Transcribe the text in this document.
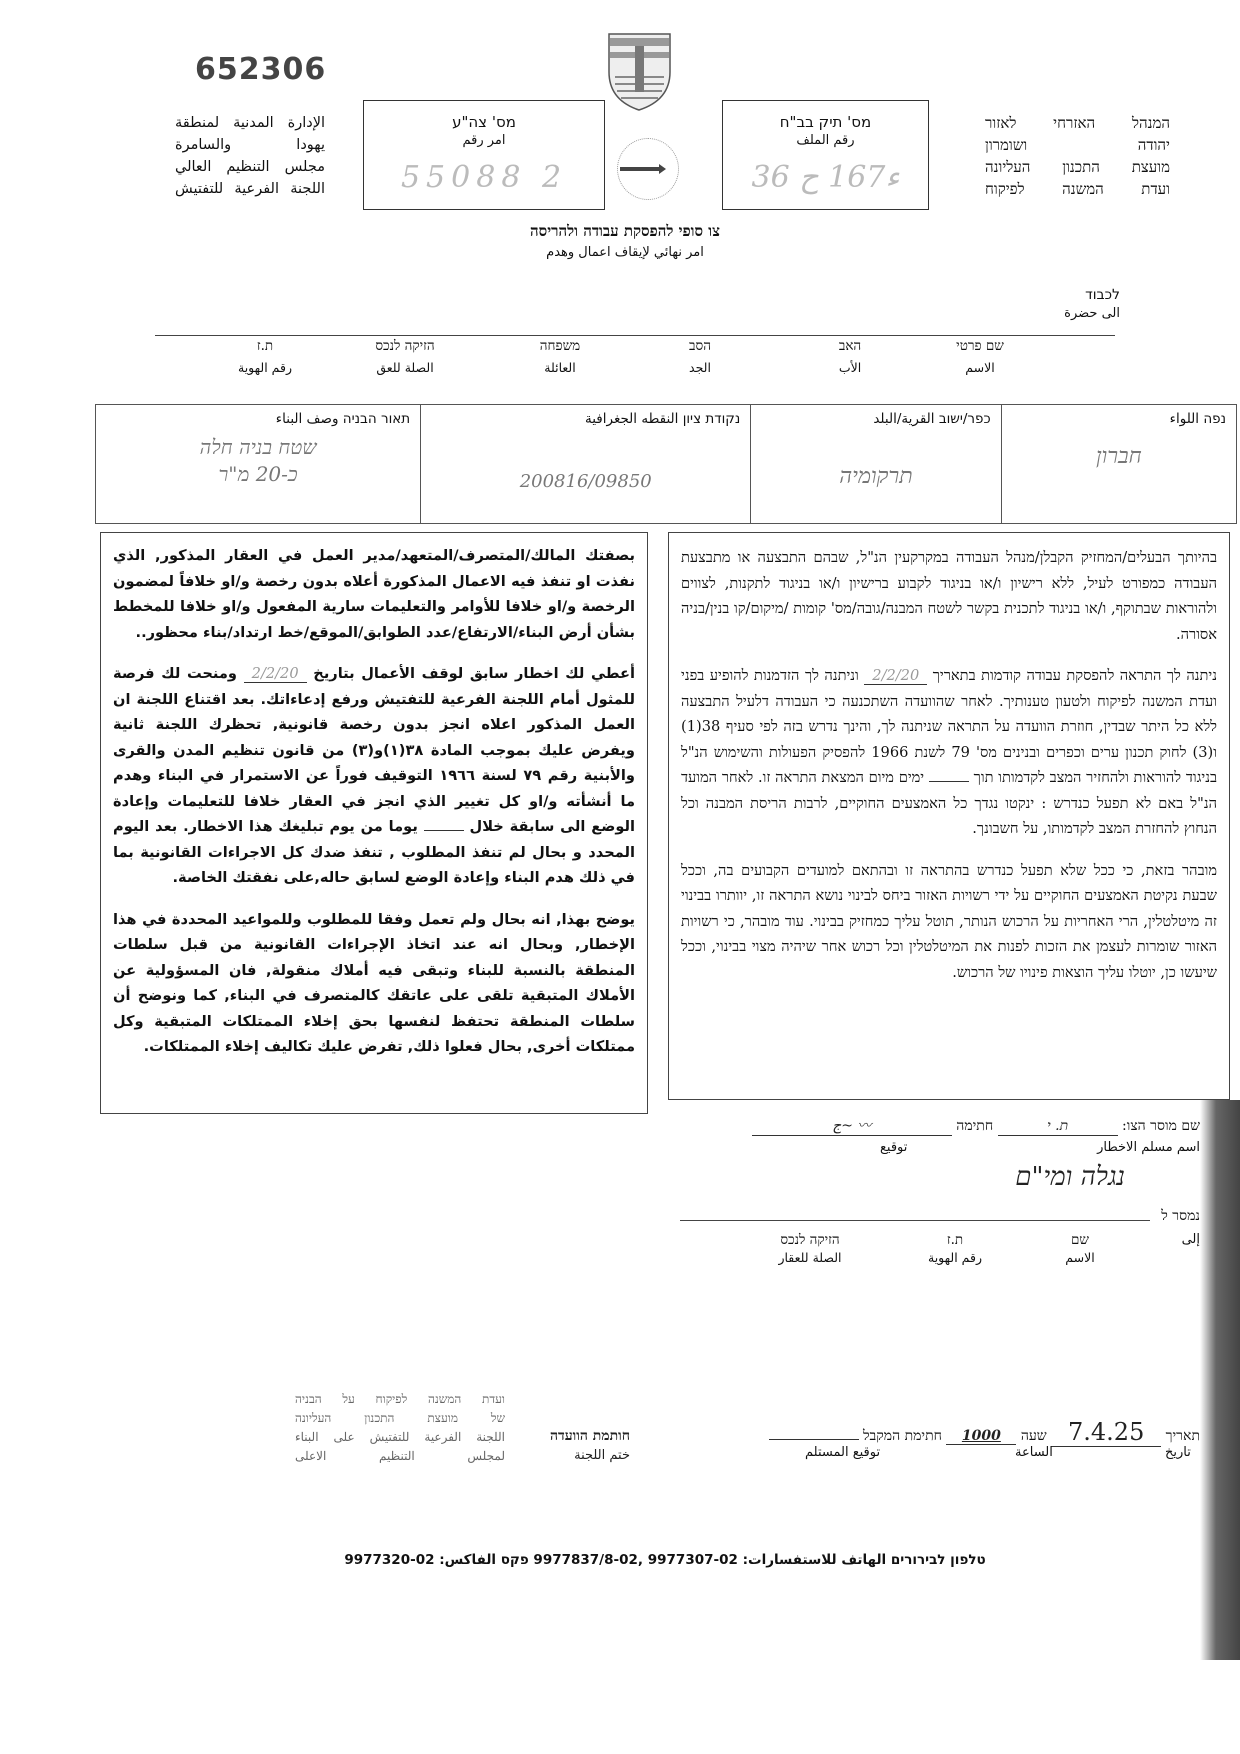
652306
الإدارة المدنية لمنطقة
يهودا والسامرة
مجلس التنظيم العالي
اللجنة الفرعية للتفتيش
מס' צה"ע
امر رقم
55088 2
מס' תיק בב"ח
رقم الملف
3ء167 ح 6
המנהל האזרחי לאזור
יהודה ושומרון
מועצת התכנון העליונה
ועדת המשנה לפיקוח
צו סופי להפסקת עבודה ולהריסה
امر نهائي لإيقاف اعمال وهدم
לכבוד
الى حضرة
שם פרטי
الاسم
האב
الأب
הסב
الجد
משפחה
العائلة
הזיקה לנכס
الصلة للعق
ת.ז
رقم الهوية
נפה اللواء
חברון
כפר/ישוב القرية/البلد
תרקומיה
נקודת ציון النقطه الجغرافية
200816/09850
תאור הבניה وصف البناء
שטח בניה חלה
כ-20 מ"ר

بصفتك المالك/المتصرف/المتعهد/مدير العمل في العقار المذكور, الذي نفذت او تنفذ فيه الاعمال المذكورة أعلاه بدون رخصة و/او خلافاً لمضمون الرخصة و/او خلافا للأوامر والتعليمات سارية المفعول و/او خلافا للمخطط بشأن أرض البناء/الارتفاع/عدد الطوابق/الموقع/خط ارتداد/بناء محظور..

أعطي لك اخطار سابق لوقف الأعمال بتاريخ 2/2/20 ومنحت لك فرصة للمثول أمام اللجنة الفرعية للتفتيش ورفع إدعاءاتك. بعد اقتناع اللجنة ان العمل المذكور اعلاه انجز بدون رخصة قانونية, تحظرك اللجنة ثانية ويفرض عليك بموجب المادة ٣٨(١)و(٣) من قانون تنظيم المدن والقرى والأبنية رقم ٧٩ لسنة ١٩٦٦ التوقيف فوراً عن الاستمرار في البناء وهدم ما أنشأته و/او كل تغيير الذي انجز في العقار خلافا للتعليمات وإعادة الوضع الى سابقة خلال  يوما من يوم تبليغك هذا الاخطار. بعد اليوم المحدد و بحال لم تنفذ المطلوب , تنفذ ضدك كل الاجراءات القانونية بما في ذلك هدم البناء وإعادة الوضع لسابق حاله,على نفقتك الخاصة.

يوضح بهذا, انه بحال ولم تعمل وفقا للمطلوب وللمواعيد المحددة في هذا الإخطار, وبحال انه عند اتخاذ الإجراءات القانونية من قبل سلطات المنطقة بالنسبة للبناء وتبقى فيه أملاك منقولة, فان المسؤولية عن الأملاك المتبقية تلقى على عاتقك كالمتصرف في البناء, كما ونوضح أن سلطات المنطقة تحتفظ لنفسها بحق إخلاء الممتلكات المتبقية وكل ممتلكات أخرى, بحال فعلوا ذلك, تفرض عليك تكاليف إخلاء الممتلكات.

בהיותך הבעלים/המחזיק הקבלן/מנהל העבודה במקרקעין הנ"ל, שבהם התבצעה או מתבצעת העבודה כמפורט לעיל, ללא רישיון ו/או בניגוד לקבוע ברישיון ו/או בניגוד לתקנות, לצווים ולהוראות שבתוקף, ו/או בניגוד לתכנית בקשר לשטח המבנה/גובה/מס' קומות /מיקום/קו בנין/בניה אסורה.

ניתנה לך התראה להפסקת עבודה קודמות בתאריך 2/2/20 וניתנה לך הזדמנות להופיע בפני ועדת המשנה לפיקוח ולטעון טענותיך. לאחר שהוועדה השתכנעה כי העבודה דלעיל התבצעה ללא כל היתר שבדין, חוזרת הוועדה על התראה שניתנה לך, והינך נדרש בזה לפי סעיף 38(1) ו(3) לחוק תכנון ערים וכפרים ובנינים מס' 79 לשנת 1966 להפסיק הפעולות והשימוש הנ"ל בניגוד להוראות ולהחזיר המצב לקדמותו תוך  ימים מיום המצאת התראה זו. לאחר המועד הנ"ל באם לא תפעל כנדרש : ינקטו נגדך כל האמצעים החוקיים, לרבות הריסת המבנה וכל הנחוץ להחזרת המצב לקדמותו, על חשבונך.

מובהר בזאת, כי ככל שלא תפעל כנדרש בהתראה זו ובהתאם למועדים הקבועים בה, וככל שבעת נקיטת האמצעים החוקיים על ידי רשויות האזור ביחס לבינוי נושא התראה זו, יוותרו בבינוי זה מיטלטלין, הרי האחריות על הרכוש הנותר, תוטל עליך כמחזיק בבינוי. עוד מובהר, כי רשויות האזור שומרות לעצמן את הזכות לפנות את המיטלטלין וכל רכוש אחר שיהיה מצוי בבינוי, וככל שיעשו כן, יוטלו עליך הוצאות פינויו של הרכוש.

שם מוסר הצו: ת. י חתימה 〰 ~ج
اسم مسلم الاخطار
توقيع
נגלה ומי"ם
נמסר ל
שם
الاسم
ת.ז
رقم الهوية
הזיקה לנכס
الصلة للعقار
إلى
ועדת המשנה לפיקוח על הבניה
של מועצת התכנון העליונה
اللجنة الفرعية للتفتيش على البناء
لمجلس التنظيم الاعلى
חותמת הוועדה
ختم اللجنة
תאריך 7.4.25 שעה 1000 חתימת המקבל
تاريخ
الساعة
توقيع المستلم
טלפון לבירורים الهاتف للاستفسارات: 02-9977307 ,02-9977837/8 פקס الفاكس: 02-9977320
